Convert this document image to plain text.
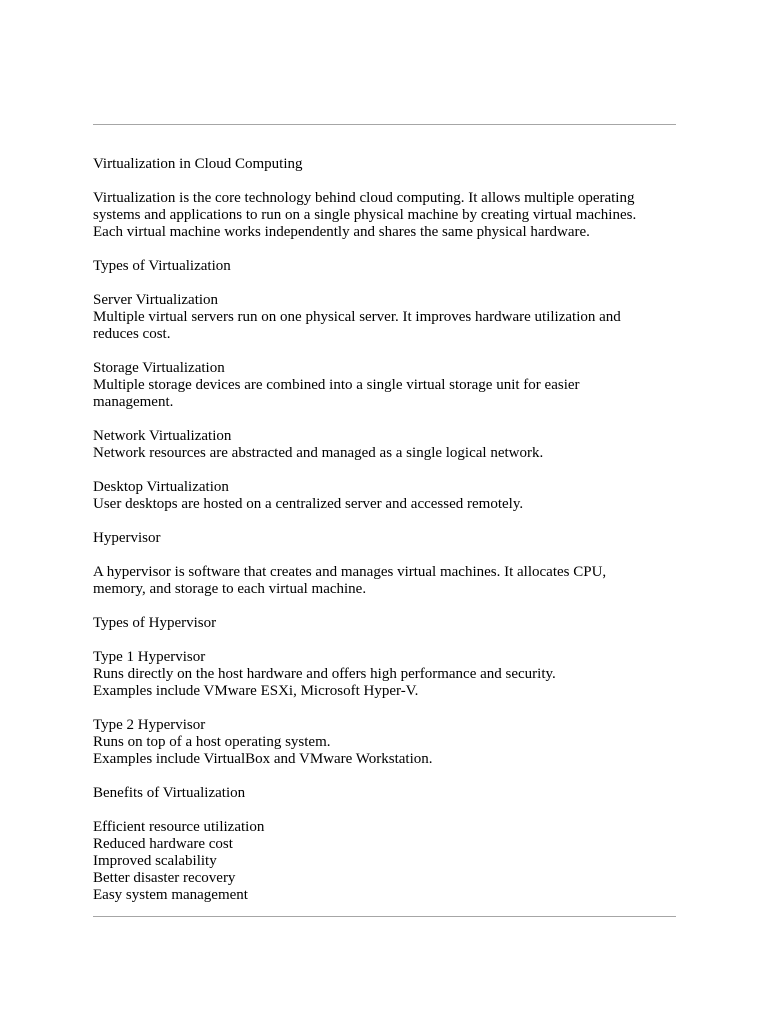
Virtualization in Cloud Computing

Virtualization is the core technology behind cloud computing. It allows multiple operating
systems and applications to run on a single physical machine by creating virtual machines.
Each virtual machine works independently and shares the same physical hardware.

Types of Virtualization

Server Virtualization
Multiple virtual servers run on one physical server. It improves hardware utilization and
reduces cost.

Storage Virtualization
Multiple storage devices are combined into a single virtual storage unit for easier
management.

Network Virtualization
Network resources are abstracted and managed as a single logical network.

Desktop Virtualization
User desktops are hosted on a centralized server and accessed remotely.

Hypervisor

A hypervisor is software that creates and manages virtual machines. It allocates CPU,
memory, and storage to each virtual machine.

Types of Hypervisor

Type 1 Hypervisor
Runs directly on the host hardware and offers high performance and security.
Examples include VMware ESXi, Microsoft Hyper-V.

Type 2 Hypervisor
Runs on top of a host operating system.
Examples include VirtualBox and VMware Workstation.

Benefits of Virtualization

Efficient resource utilization
Reduced hardware cost
Improved scalability
Better disaster recovery
Easy system management
